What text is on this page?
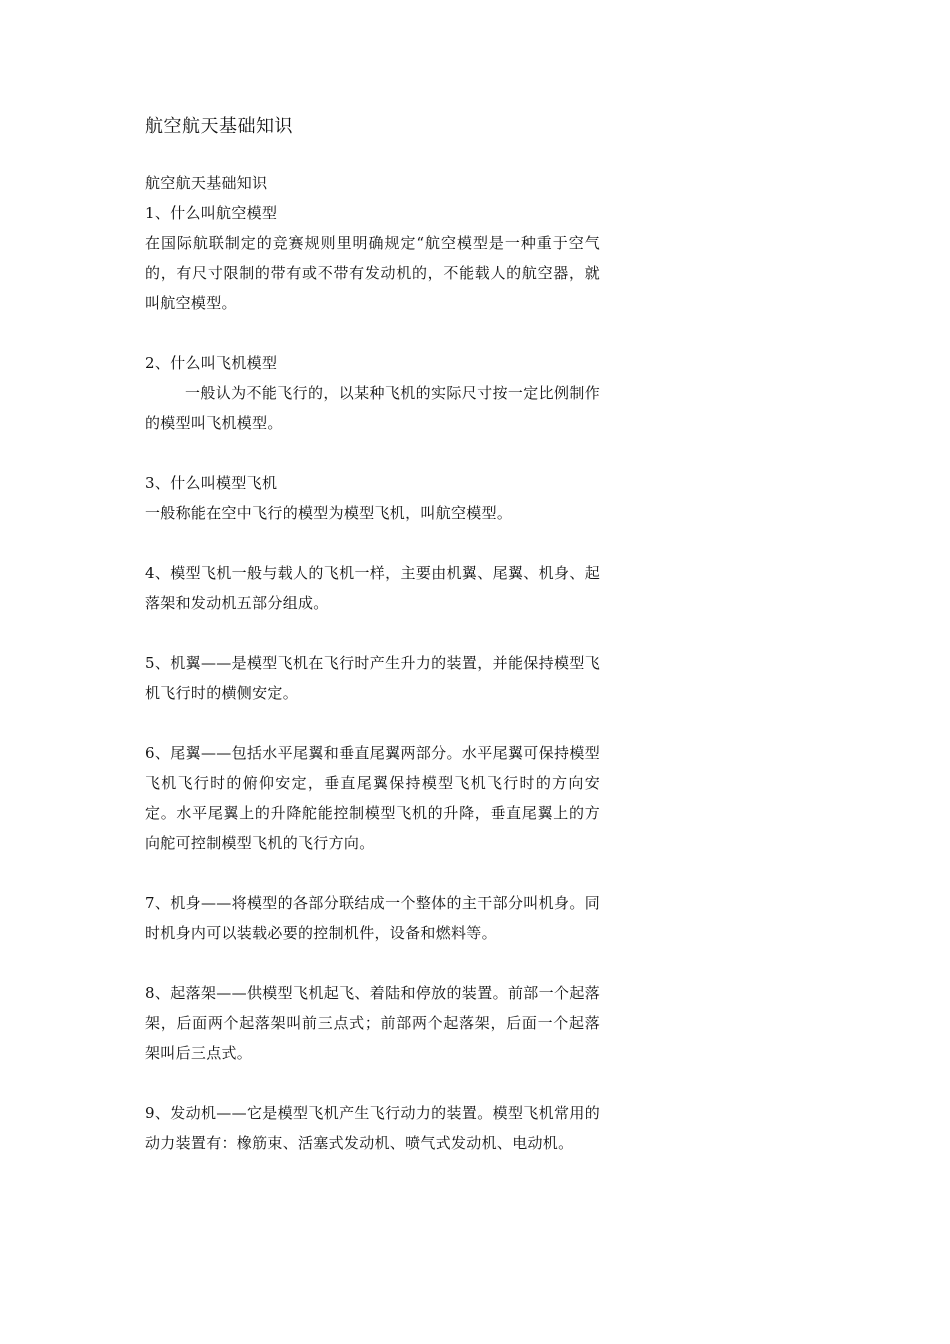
航空航天基础知识

航空航天基础知识

1、什么叫航空模型

在国际航联制定的竞赛规则里明确规定“航空模型是一种重于空气的，有尺寸限制的带有或不带有发动机的，不能载人的航空器，就叫航空模型。

2、什么叫飞机模型

一般认为不能飞行的，以某种飞机的实际尺寸按一定比例制作的模型叫飞机模型。

3、什么叫模型飞机

一般称能在空中飞行的模型为模型飞机，叫航空模型。

4、模型飞机一般与载人的飞机一样，主要由机翼、尾翼、机身、起落架和发动机五部分组成。

5、机翼——是模型飞机在飞行时产生升力的装置，并能保持模型飞机飞行时的横侧安定。

6、尾翼——包括水平尾翼和垂直尾翼两部分。水平尾翼可保持模型飞机飞行时的俯仰安定，垂直尾翼保持模型飞机飞行时的方向安定。水平尾翼上的升降舵能控制模型飞机的升降，垂直尾翼上的方向舵可控制模型飞机的飞行方向。

7、机身——将模型的各部分联结成一个整体的主干部分叫机身。同时机身内可以装载必要的控制机件，设备和燃料等。

8、起落架——供模型飞机起飞、着陆和停放的装置。前部一个起落架，后面两个起落架叫前三点式；前部两个起落架，后面一个起落架叫后三点式。

9、发动机——它是模型飞机产生飞行动力的装置。模型飞机常用的动力装置有：橡筋束、活塞式发动机、喷气式发动机、电动机。
